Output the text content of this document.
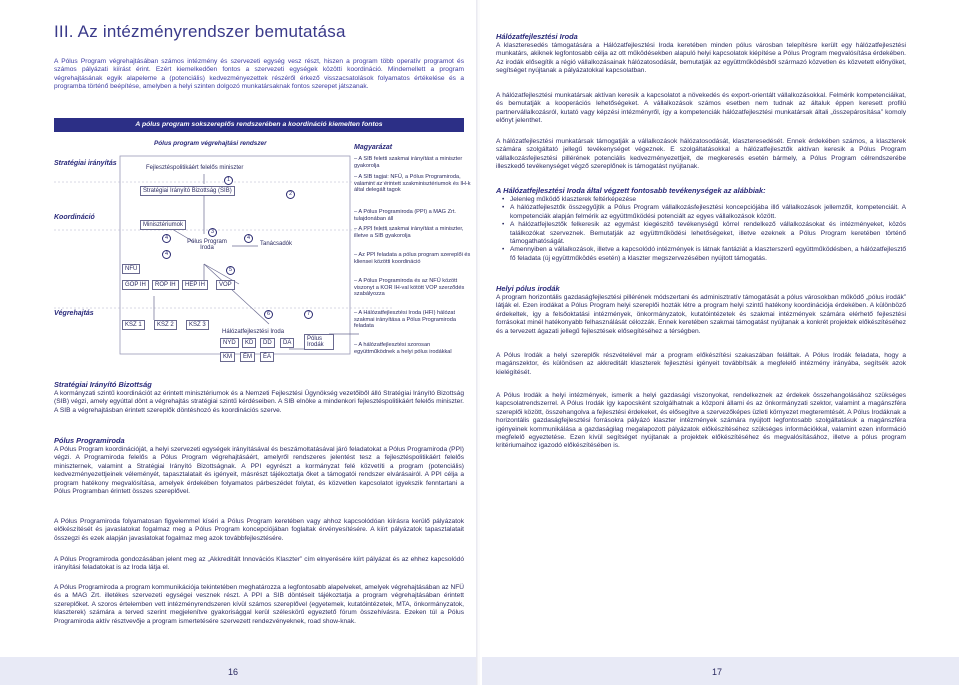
III. Az intézményrendszer bemutatása
A Pólus Program végrehajtásában számos intézmény és szervezeti egység vesz részt, hiszen a program több operatív programot és számos pályázati kiírást érint. Ezért kiemelkedően fontos a szervezeti egységek közötti koordináció. Mindemellett a program végrehajtásának egyik alapeleme a (potenciális) kedvezményezettek részéről érkező visszacsatolások folyamatos értékelése és a programba történő beépítése, amelyben a helyi szinten dolgozó munkatársaknak fontos szerepet játszanak.
A pólus program sokszereplős rendszerében a koordináció kiemelten fontos
Pólus program végrehajtási rendszer
Stratégiai irányítás
Koordináció
Végrehajtás
Fejlesztéspolitikáért felelős miniszter
1
Stratégiai Irányító Bizottság (SIB)	2
Minisztériumok
4
3
4
4
Pólus Program Iroda
Tanácsadók
5
NFÜ
GOP IH	ROP IH	HEP IH	VOP
6	7
KSZ 1	KSZ 2	KSZ 3
Hálózatfejlesztési Iroda
NYD	KD	DD	DA
KM	ÉM	ÉA
Pólus Irodák
Magyarázat
– A SIB feletti szakmai irányítást a miniszter gyakorolja
– A SIB tagjai: NFÜ, a Pólus Programiroda, valamint az érintett szakminisztériumok és IH-k által delegált tagok
– A Pólus Programiroda (PPI) a MAG Zrt. tulajdonában áll
– A PPI feletti szakmai irányítást a miniszter, illetve a SIB gyakorolja
– Az PPI feladata a pólus program szereplői és kliensei közötti koordináció
– A Pólus Programiroda és az NFÜ között viszonyt a KOR IH-val kötött VOP szerződés szabályozza
– A Hálózatfejlesztési Iroda (HFI) hálózat szakmai irányítása a Pólus Programiroda feladata
– A hálózatfejlesztési szorosan együttműködnek a helyi pólus irodákkal
Stratégiai Irányító Bizottság
A kormányzati szintű koordinációt az érintett minisztériumok és a Nemzeti Fejlesztési Ügynökség vezetőiből álló Stratégiai Irányító Bizottság (SIB) végzi, amely egyúttal dönt a végrehajtás stratégiai szintű kérdéseiben. A SIB elnöke a mindenkori fejlesztéspolitikáért felelős miniszter. A SIB a végrehajtásban érintett szereplők döntéshozó és koordinációs szerve.
Pólus Programiroda
A Pólus Program koordinációját, a helyi szervezeti egységek irányításával és beszámoltatásával járó feladatokat a Pólus Programiroda (PPI) végzi. A Programiroda felelős a Pólus Program végrehajtásáért, amelyről rendszeres jelentést tesz a fejlesztéspolitikáért felelős miniszternek, valamint a Stratégiai Irányító Bizottságnak. A PPI egyrészt a kormányzat felé közvetíti a program (potenciális) kedvezményezettjeinek véleményét, tapasztalatait és igényeit, másrészt tájékoztatja őket a támogatói rendszer elvárásairól. A PPI célja a program hatékony megvalósítása, amelyek érdekében folyamatos párbeszédet folytat, és közvetlen kapcsolatot igyekszik fenntartani a Pólus Programban érintett összes szereplővel.
A Pólus Programiroda folyamatosan figyelemmel kíséri a Pólus Program keretében vagy ahhoz kapcsolódóan kiírásra kerülő pályázatok előkészítését és javaslatokat fogalmaz meg a Pólus Program koncepciójában foglaltak érvényesítésére. A kiírt pályázatok tapasztalatait összegzi és ezek alapján javaslatokat fogalmaz meg azok továbbfejlesztésére.
A Pólus Programiroda gondozásában jelent meg az „Akkreditált Innovációs Klaszter” cím elnyerésére kiírt pályázat és az ehhez kapcsolódó irányítási feladatokat is az Iroda látja el.
A Pólus Programiroda a program kommunikációja tekintetében meghatározza a legfontosabb alapelveket, amelyek végrehajtásában az NFÜ és a MAG Zrt. illetékes szervezeti egységei vesznek részt. A PPI a SIB döntéseit tájékoztatja a program végrehajtásában érintett szereplőket. A szoros értelemben vett intézményrendszeren kívül számos szereplővel (egyetemek, kutatóintézetek, MTA, önkormányzatok, klaszterek) számára a terved szerint megjelenítve gyakorisággal kerül széleskörű egyeztető fórum összehívásra. Ezeken túl a Pólus Programiroda aktív résztvevője a program ismertetésére szervezett rendezvényeknek, road show-knak.
16
Hálózatfejlesztési Iroda
A klaszteresedés támogatására a Hálózatfejlesztési Iroda keretében minden pólus városban telepítésre került egy hálózatfejlesztési munkatárs, akiknek legfontosabb célja az ott működésekben alapuló helyi kapcsolatok kiépítése a Pólus Program megvalósítása érdekében. Az irodák elősegítik a régió vállalkozásainak hálózatosodását, bemutatják az együttműködésből származó közvetlen és közvetett előnyöket, segítséget nyújtanak a pályázatokkal kapcsolatban.
A hálózatfejlesztési munkatársak aktívan keresik a kapcsolatot a növekedés és export-orientált vállalkozásokkal. Felmérik kompetenciáikat, és bemutatják a kooperációs lehetőségeket. A vállalkozások számos esetben nem tudnak az általuk éppen keresett profilú partnervállalkozásról, kutató vagy képzési intézményről, így a kompetenciák hálózatfejlesztési munkatársak általi „összepárosítása” komoly előnyt jelenthet.
A hálózatfejlesztési munkatársak támogatják a vállalkozások hálózatosodását, klaszteresedését. Ennek érdekében számos, a klaszterek számára szolgáltató jellegű tevékenységet végeznek. E szolgáltatásokkal a hálózatfejlesztők aktívan keresik a Pólus Program vállalkozásfejlesztési pillérének potenciális kedvezményezettjeit, de megkeresés esetén bármely, a Pólus Program célrendszerébe illeszkedő tevékenységet végző szereplőnek is támogatást nyújtanak.
A Hálózatfejlesztési Iroda által végzett fontosabb tevékenységek az alábbiak:
• Jelenleg működő klaszterek feltérképezése
• A hálózatfejlesztők összegyűjtik a Pólus Program vállalkozásfejlesztési koncepciójába illő vállalkozások jellemzőit, kompetenciáit. A kompetenciák alapján felmérik az együttműködési potenciált az egyes vállalkozások között.
• A hálózatfejlesztők felkeresik az egymást kiegészítő tevékenységű körrel rendelkező vállalkozásokat és intézményeket, közös találkozókat szerveznek. Bemutatják az együttműködési lehetőségeket, illetve ezeknek a Pólus Program keretében történő támogathatóságát.
• Amennyiben a vállalkozások, illetve a kapcsolódó intézmények is látnak fantáziát a klaszterszerű együttműködésben, a hálózatfejlesztő fő feladata (új együttműködés esetén) a klaszter megszervezésében nyújtott támogatás.
Helyi pólus irodák
A program horizontális gazdaságfejlesztési pillérének módszertani és adminisztratív támogatását a pólus városokban működő „pólus irodák” látják el. Ezen irodákat a Pólus Program helyi szereplői hozták létre a program helyi szintű hatékony koordinációja érdekében. A különböző érdekeltek, így a felsőoktatási intézmények, önkormányzatok, kutatóintézetek és szakmai intézmények számára elérhető fejlesztési forrásokat minél hatékonyabb felhasználását célozzák. Ennek keretében szakmai támogatást nyújtanak a konkrét projektek előkészítéséhez és a tervezett ágazati jellegű fejlesztések elősegítéséhez a térségben.
A Pólus Irodák a helyi szereplők részvételével már a program előkészítési szakaszában felálltak. A Pólus Irodák feladata, hogy a magánszektor, és különösen az akkreditált klaszterek fejlesztési igényeit továbbítsák a megfelelő intézmény irányába, segítsék azok kielégítését.
A Pólus Irodák a helyi intézmények, ismerik a helyi gazdasági viszonyokat, rendelkeznek az érdekek összehangolásához szükséges kapcsolatrendszerrel. A Pólus Irodák így kapocsként szolgálhatnak a közponi állami és az önkormányzati szektor, valamint a magánszféra szereplői között, összehangolva a fejlesztési érdekeket, és elősegítve a szervezőképes üzleti környezet megteremtését. A Pólus Irodáknak a horizontális gazdaságfejlesztési forrásokra pályázó klaszter intézmények számára nyújtott legfontosabb szolgáltatásuk a magánszféra igényeinek kommunikálása a gazdaságilag megalapozott pályázatok előkészítéséhez szükséges információkkal, valamint ezen információ megfelelő egyeztetése. Ezen kívül segítséget nyújtanak a projektek előkészítéséhez és megvalósításához, illetve a pólus program kritériumaihoz igazodó előkészítésében is.
17
